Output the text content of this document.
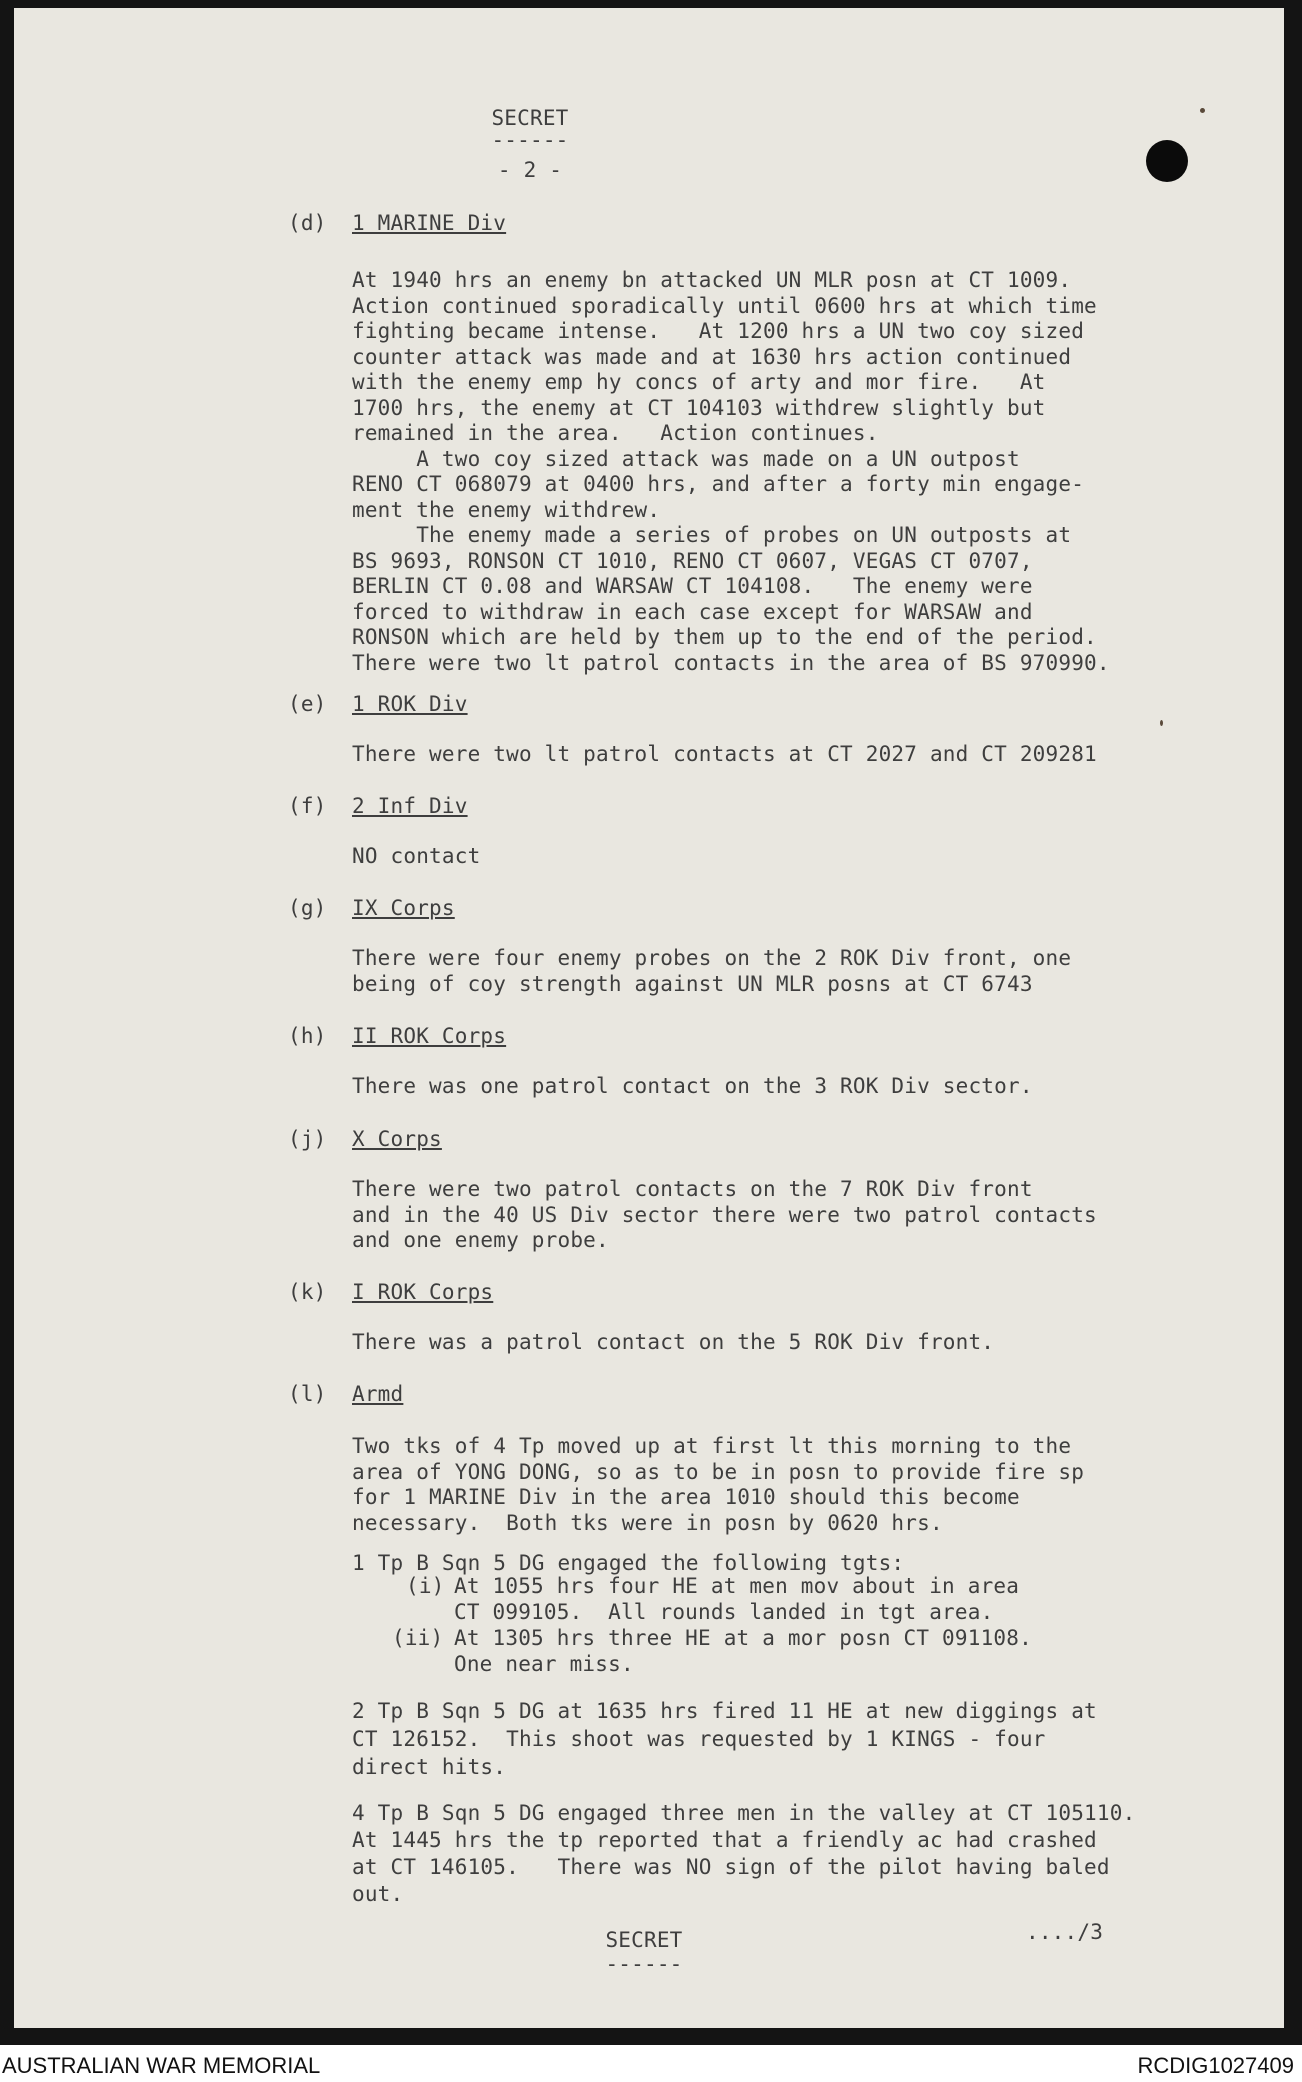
SECRET
------
- 2 -
(d) 1 MARINE Div
At 1940 hrs an enemy bn attacked UN MLR posn at CT 1009.
Action continued sporadically until 0600 hrs at which time
fighting became intense.   At 1200 hrs a UN two coy sized
counter attack was made and at 1630 hrs action continued
with the enemy emp hy concs of arty and mor fire.   At
1700 hrs, the enemy at CT 104103 withdrew slightly but
remained in the area.   Action continues.
A two coy sized attack was made on a UN outpost
RENO CT 068079 at 0400 hrs, and after a forty min engage-
ment the enemy withdrew.
The enemy made a series of probes on UN outposts at
BS 9693, RONSON CT 1010, RENO CT 0607, VEGAS CT 0707,
BERLIN CT 0.08 and WARSAW CT 104108.   The enemy were
forced to withdraw in each case except for WARSAW and
RONSON which are held by them up to the end of the period.
There were two lt patrol contacts in the area of BS 970990.
(e) 1 ROK Div
There were two lt patrol contacts at CT 2027 and CT 209281
(f) 2 Inf Div
NO contact
(g) IX Corps
There were four enemy probes on the 2 ROK Div front, one
being of coy strength against UN MLR posns at CT 6743
(h) II ROK Corps
There was one patrol contact on the 3 ROK Div sector.
(j) X Corps
There were two patrol contacts on the 7 ROK Div front
and in the 40 US Div sector there were two patrol contacts
and one enemy probe.
(k) I ROK Corps
There was a patrol contact on the 5 ROK Div front.
(l) Armd
Two tks of 4 Tp moved up at first lt this morning to the
area of YONG DONG, so as to be in posn to provide fire sp
for 1 MARINE Div in the area 1010 should this become
necessary.  Both tks were in posn by 0620 hrs.
1 Tp B Sqn 5 DG engaged the following tgts:
(i) At 1055 hrs four HE at men mov about in area
CT 099105.  All rounds landed in tgt area.
(ii) At 1305 hrs three HE at a mor posn CT 091108.
One near miss.
2 Tp B Sqn 5 DG at 1635 hrs fired 11 HE at new diggings at
CT 126152.  This shoot was requested by 1 KINGS - four
direct hits.
4 Tp B Sqn 5 DG engaged three men in the valley at CT 105110.
At 1445 hrs the tp reported that a friendly ac had crashed
at CT 146105.   There was NO sign of the pilot having baled
out.
SECRET
------
..../3
AUSTRALIAN WAR MEMORIAL	RCDIG1027409
